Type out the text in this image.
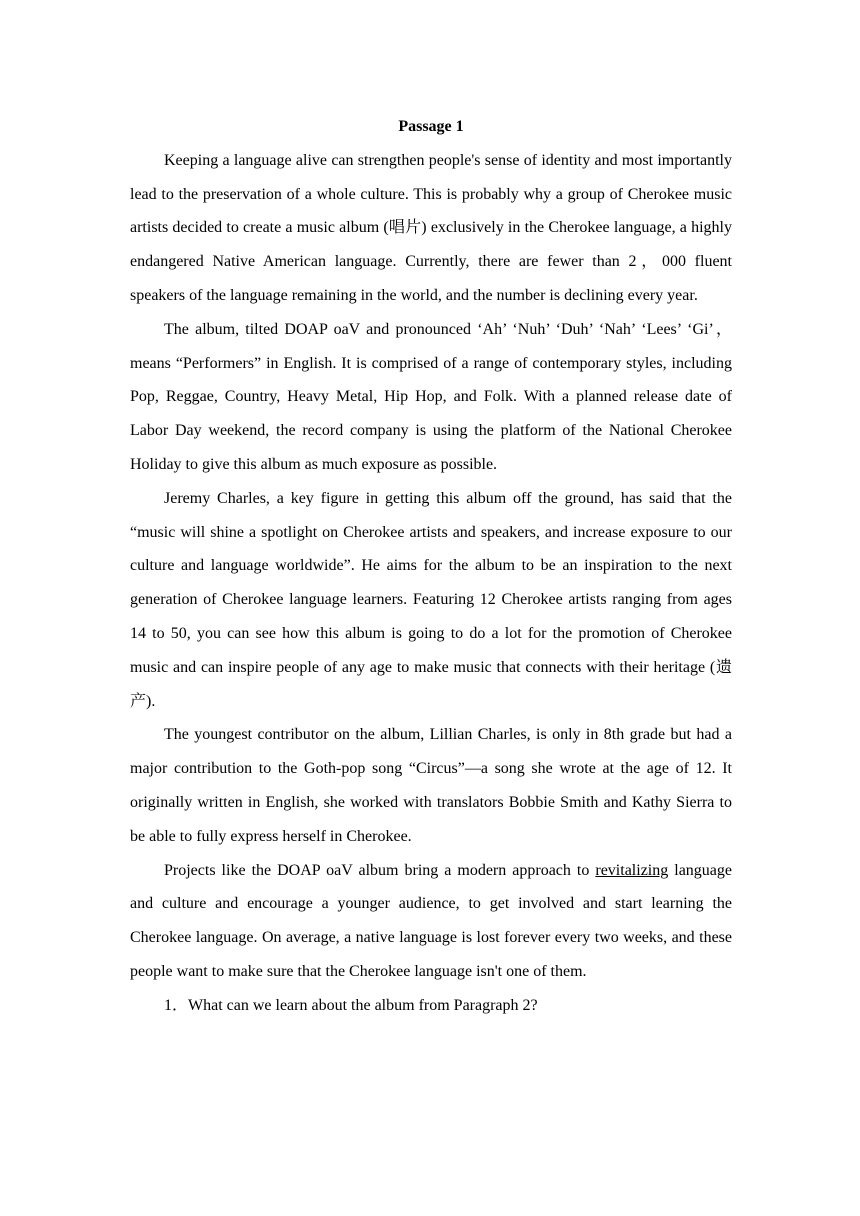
Passage 1

Keeping a language alive can strengthen people's sense of identity and most importantly lead to the preservation of a whole culture. This is probably why a group of Cherokee music artists decided to create a music album (唱片) exclusively in the Cherokee language, a highly endangered Native American language. Currently, there are fewer than 2，000 fluent speakers of the language remaining in the world, and the number is declining every year.

The album, tilted DOAP oaV and pronounced ‘Ah’ ‘Nuh’ ‘Duh’ ‘Nah’ ‘Lees’ ‘Gi’， means “Performers” in English. It is comprised of a range of contemporary styles, including Pop, Reggae, Country, Heavy Metal, Hip Hop, and Folk. With a planned release date of Labor Day weekend, the record company is using the platform of the National Cherokee Holiday to give this album as much exposure as possible.

Jeremy Charles, a key figure in getting this album off the ground, has said that the “music will shine a spotlight on Cherokee artists and speakers, and increase exposure to our culture and language worldwide”. He aims for the album to be an inspiration to the next generation of Cherokee language learners. Featuring 12 Cherokee artists ranging from ages 14 to 50, you can see how this album is going to do a lot for the promotion of Cherokee music and can inspire people of any age to make music that connects with their heritage (遗产).

The youngest contributor on the album, Lillian Charles, is only in 8th grade but had a major contribution to the Goth-pop song “Circus”—a song she wrote at the age of 12. It originally written in English, she worked with translators Bobbie Smith and Kathy Sierra to be able to fully express herself in Cherokee.

Projects like the DOAP oaV album bring a modern approach to revitalizing language and culture and encourage a younger audience, to get involved and start learning the Cherokee language. On average, a native language is lost forever every two weeks, and these people want to make sure that the Cherokee language isn't one of them.

1．What can we learn about the album from Paragraph 2?
